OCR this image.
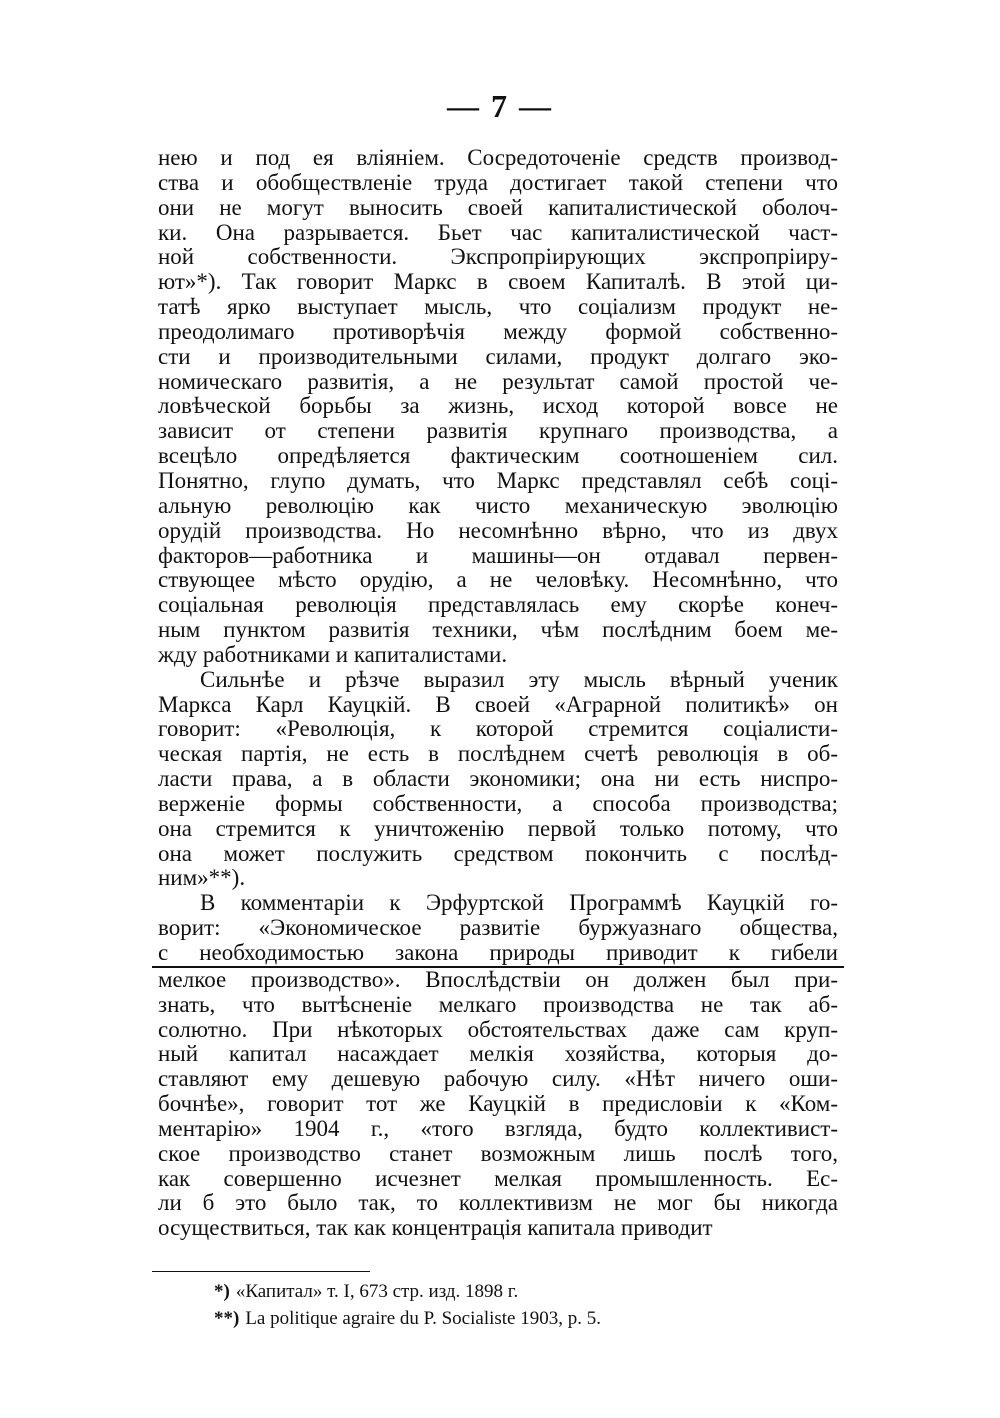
— 7 —
нею и под ея вліяніем. Сосредоточеніе средств производ-
ства и обобществленіе труда достигает такой степени что
они не могут выносить своей капиталистической оболоч-
ки. Она разрывается. Бьет час капиталистической част-
ной собственности. Экспропріирующих экспропріиру-
ют»*). Так говорит Маркс в своем Капиталѣ. В этой ци-
татѣ ярко выступает мысль, что соціализм продукт не-
преодолимаго противорѣчія между формой собственно-
сти и производительными силами, продукт долгаго эко-
номическаго развитія, а не результат самой простой че-
ловѣческой борьбы за жизнь, исход которой вовсе не
зависит от степени развитія крупнаго производства, а
всецѣло опредѣляется фактическим соотношеніем сил.
Понятно, глупо думать, что Маркс представлял себѣ соці-
альную революцію как чисто механическую эволюцію
орудій производства. Но несомнѣнно вѣрно, что из двух
факторов—работника и машины—он отдавал первен-
ствующее мѣсто орудію, а не человѣку. Несомнѣнно, что
соціальная революція представлялась ему скорѣе конеч-
ным пунктом развитія техники, чѣм послѣдним боем ме-
жду работниками и капиталистами.
Сильнѣе и рѣзче выразил эту мысль вѣрный ученик
Маркса Карл Кауцкій. В своей «Аграрной политикѣ» он
говорит: «Революція, к которой стремится соціалисти-
ческая партія, не есть в послѣднем счетѣ революція в об-
ласти права, а в области экономики; она ни есть ниспро-
верженіе формы собственности, а способа производства;
она стремится к уничтоженію первой только потому, что
она может послужить средством покончить с послѣд-
ним»**).
В комментаріи к Эрфуртской Программѣ Кауцкій го-
ворит: «Экономическое развитіе буржуазнаго общества,
с необходимостью закона природы приводит к гибели
мелкое производство». Впослѣдствіи он должен был при-
знать, что вытѣсненіе мелкаго производства не так аб-
солютно. При нѣкоторых обстоятельствах даже сам круп-
ный капитал насаждает мелкія хозяйства, которыя до-
ставляют ему дешевую рабочую силу. «Нѣт ничего оши-
бочнѣе», говорит тот же Кауцкій в предисловіи к «Ком-
ментарію» 1904 г., «того взгляда, будто коллективист-
ское производство станет возможным лишь послѣ того,
как совершенно исчезнет мелкая промышленность. Ес-
ли б это было так, то коллективизм не мог бы никогда
осуществиться, так как концентрація капитала приводит
*) «Капитал» т. I, 673 стр. изд. 1898 г.
**) La politique agraire du P. Socialiste 1903, p. 5.
